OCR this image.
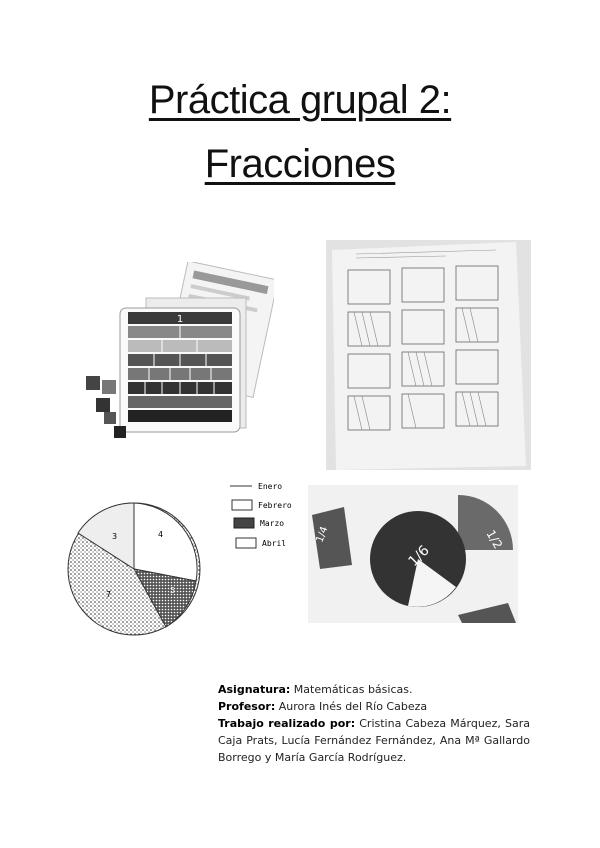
Práctica grupal 2:
Fracciones
1
4
3
5
7
Enero
Febrero
Marzo
Abril	1/2
1/4
1/6

Asignatura: Matemáticas básicas.

Profesor: Aurora Inés del Río Cabeza

Trabajo realizado por: Cristina Cabeza Márquez, Sara Caja Prats, Lucía Fernández Fernández, Ana Mª Gallardo Borrego y María García Rodríguez.
